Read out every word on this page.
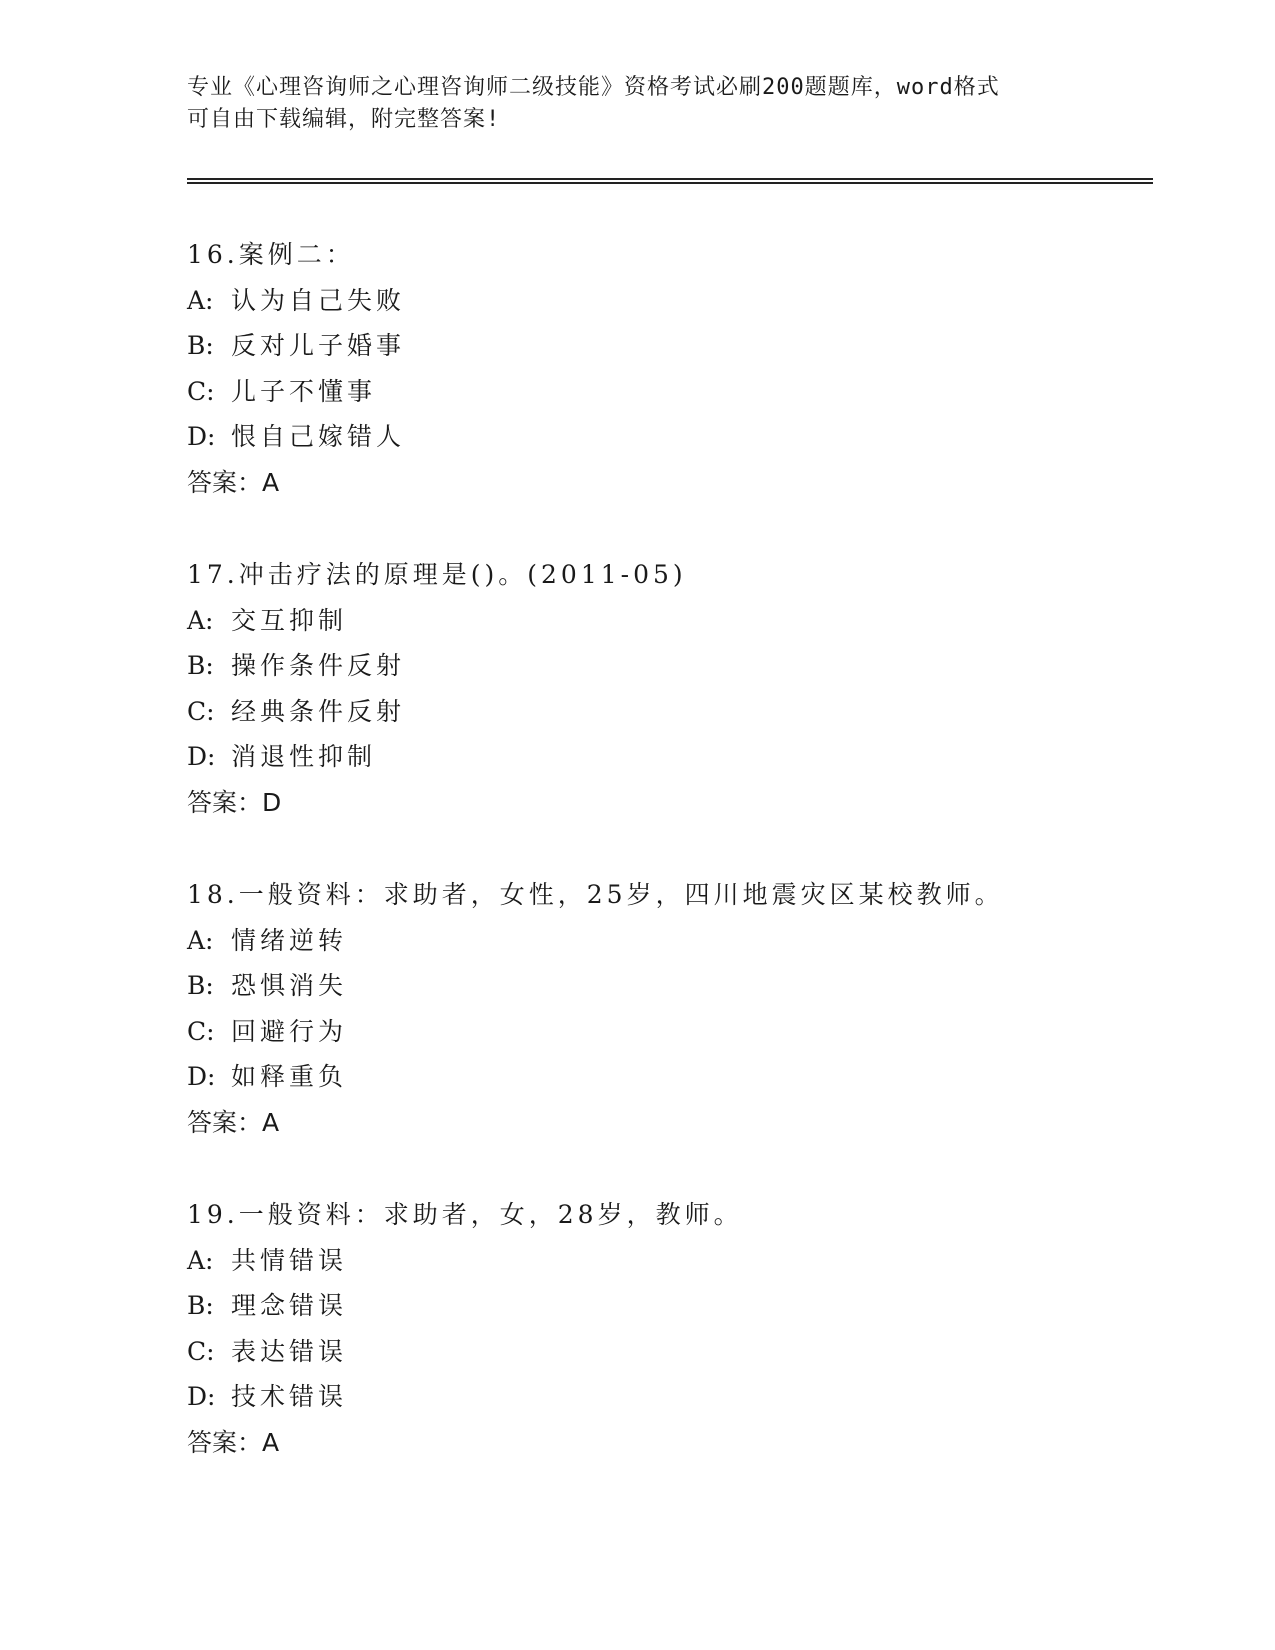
专业《心理咨询师之心理咨询师二级技能》资格考试必刷200题题库，word格式
可自由下载编辑，附完整答案!
16.案例二：
A: 认为自己失败
B: 反对儿子婚事
C: 儿子不懂事
D: 恨自己嫁错人
答案：A
17.冲击疗法的原理是()。(2011-05)
A: 交互抑制
B: 操作条件反射
C: 经典条件反射
D: 消退性抑制
答案：D
18.一般资料：求助者，女性，25岁，四川地震灾区某校教师。
A: 情绪逆转
B: 恐惧消失
C: 回避行为
D: 如释重负
答案：A
19.一般资料：求助者，女，28岁，教师。
A: 共情错误
B: 理念错误
C: 表达错误
D: 技术错误
答案：A
